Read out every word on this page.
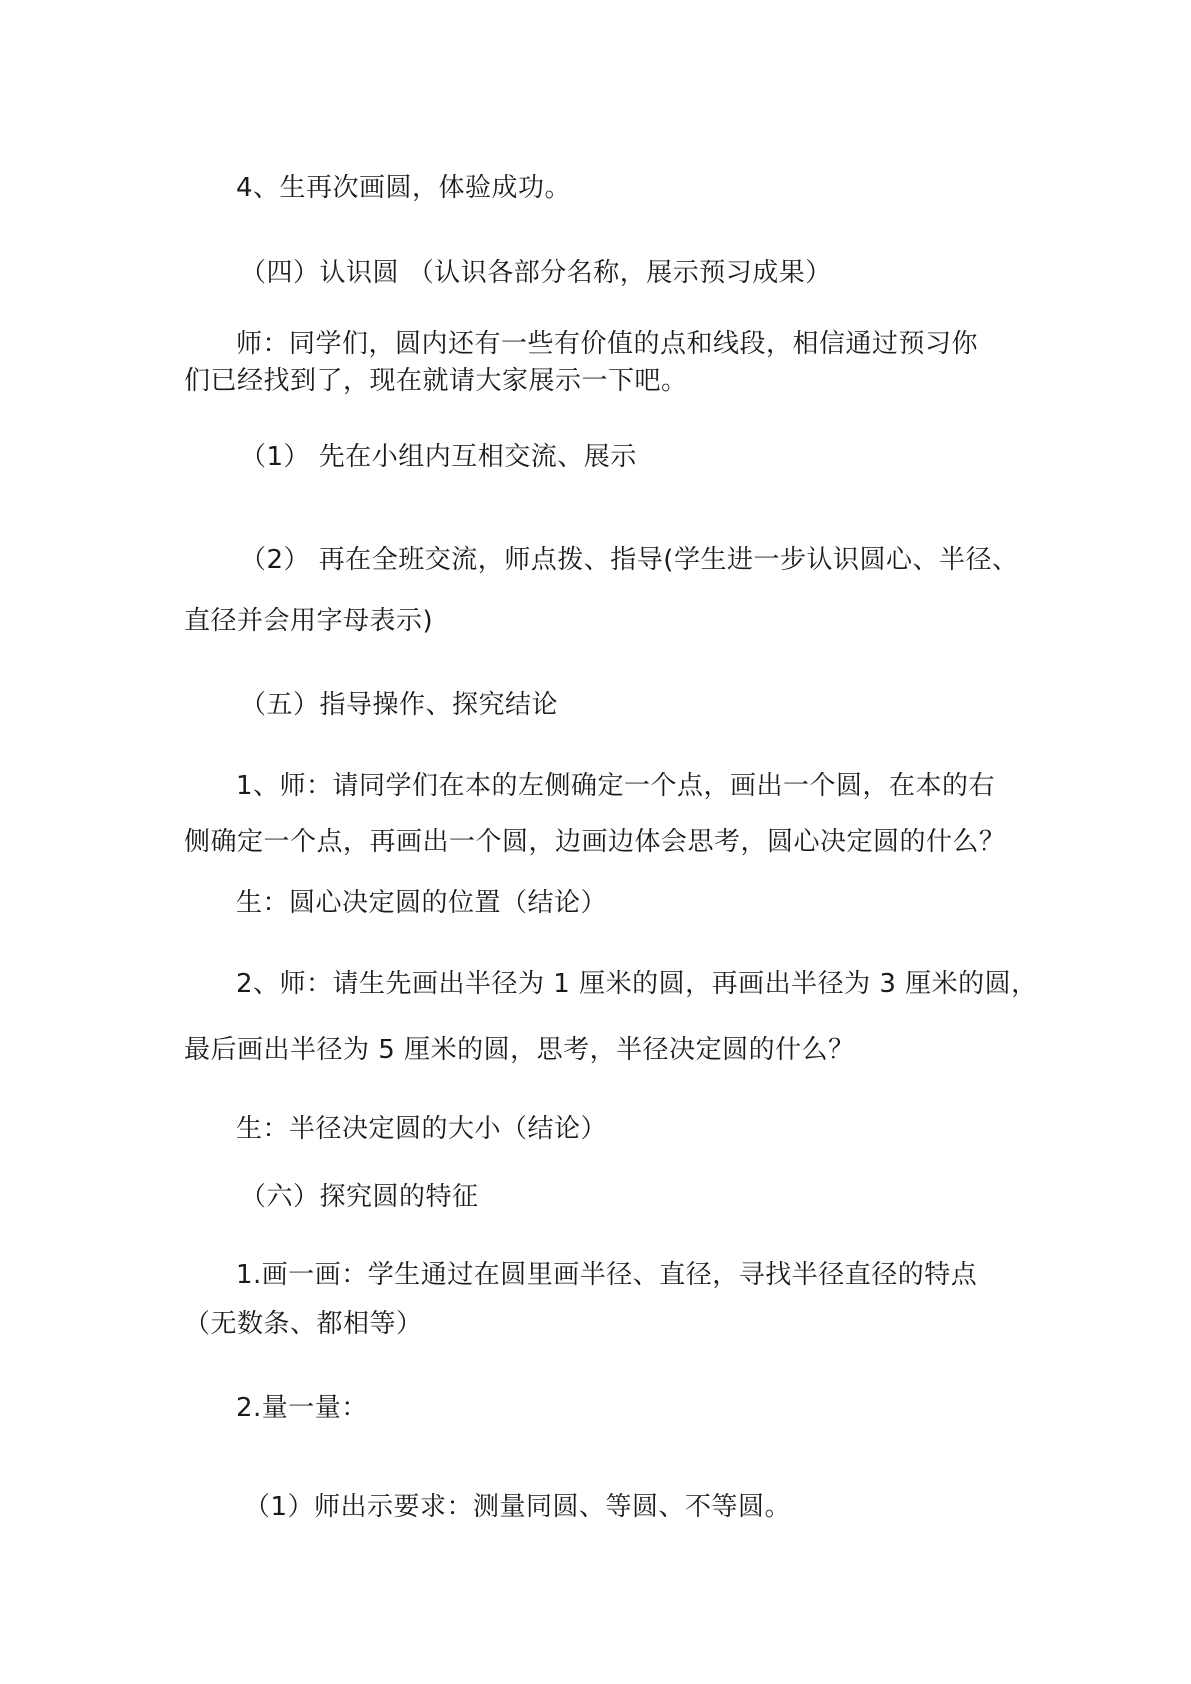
4、生再次画圆，体验成功。

（四）认识圆 （认识各部分名称，展示预习成果）

师：同学们，圆内还有一些有价值的点和线段，相信通过预习你

们已经找到了，现在就请大家展示一下吧。

（1） 先在小组内互相交流、展示

（2） 再在全班交流，师点拨、指导(学生进一步认识圆心、半径、

直径并会用字母表示)

（五）指导操作、探究结论

1、师：请同学们在本的左侧确定一个点，画出一个圆，在本的右

侧确定一个点，再画出一个圆，边画边体会思考，圆心决定圆的什么？

生：圆心决定圆的位置（结论）

2、师：请生先画出半径为 1 厘米的圆，再画出半径为 3 厘米的圆，

最后画出半径为 5 厘米的圆，思考，半径决定圆的什么？

生：半径决定圆的大小（结论）

（六）探究圆的特征

1.画一画：学生通过在圆里画半径、直径，寻找半径直径的特点

（无数条、都相等）

2.量一量：

（1）师出示要求：测量同圆、等圆、不等圆。
